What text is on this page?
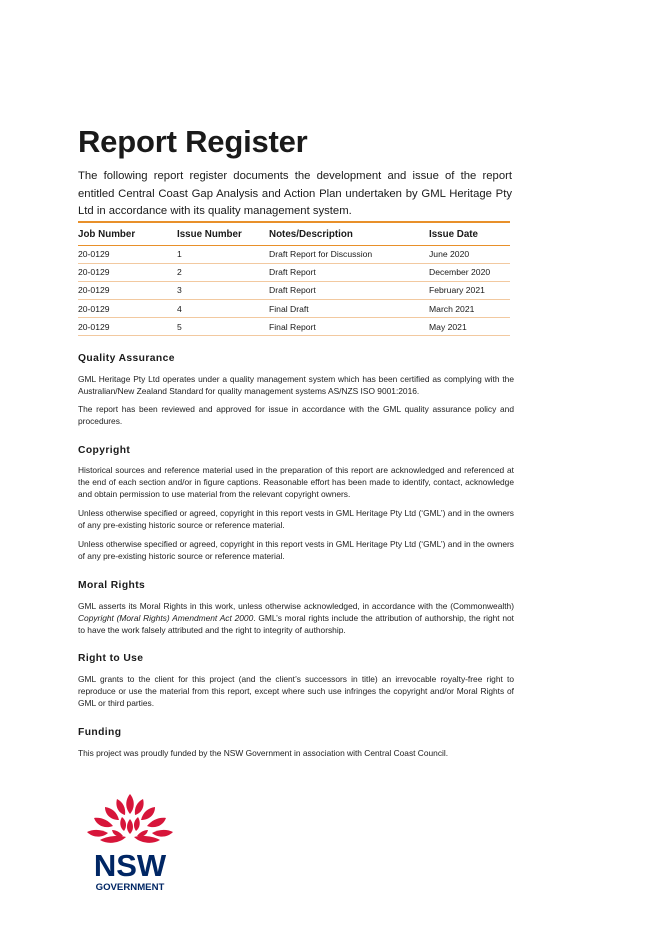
Report Register

The following report register documents the development and issue of the report entitled Central Coast Gap Analysis and Action Plan undertaken by GML Heritage Pty Ltd in accordance with its quality management system.

Job Number	Issue Number	Notes/Description	Issue Date
20-0129	1	Draft Report for Discussion	June 2020
20-0129	2	Draft Report	December 2020
20-0129	3	Draft Report	February 2021
20-0129	4	Final Draft	March 2021
20-0129	5	Final Report	May 2021
Quality Assurance

GML Heritage Pty Ltd operates under a quality management system which has been certified as complying with the Australian/New Zealand Standard for quality management systems AS/NZS ISO 9001:2016.

The report has been reviewed and approved for issue in accordance with the GML quality assurance policy and procedures.

Copyright

Historical sources and reference material used in the preparation of this report are acknowledged and referenced at the end of each section and/or in figure captions. Reasonable effort has been made to identify, contact, acknowledge and obtain permission to use material from the relevant copyright owners.

Unless otherwise specified or agreed, copyright in this report vests in GML Heritage Pty Ltd (‘GML’) and in the owners of any pre-existing historic source or reference material.

Unless otherwise specified or agreed, copyright in this report vests in GML Heritage Pty Ltd (‘GML’) and in the owners of any pre-existing historic source or reference material.

Moral Rights

GML asserts its Moral Rights in this work, unless otherwise acknowledged, in accordance with the (Commonwealth) Copyright (Moral Rights) Amendment Act 2000. GML’s moral rights include the attribution of authorship, the right not to have the work falsely attributed and the right to integrity of authorship.

Right to Use

GML grants to the client for this project (and the client’s successors in title) an irrevocable royalty-free right to reproduce or use the material from this report, except where such use infringes the copyright and/or Moral Rights of GML or third parties.

Funding

This project was proudly funded by the NSW Government in association with Central Coast Council.

NSW
GOVERNMENT
